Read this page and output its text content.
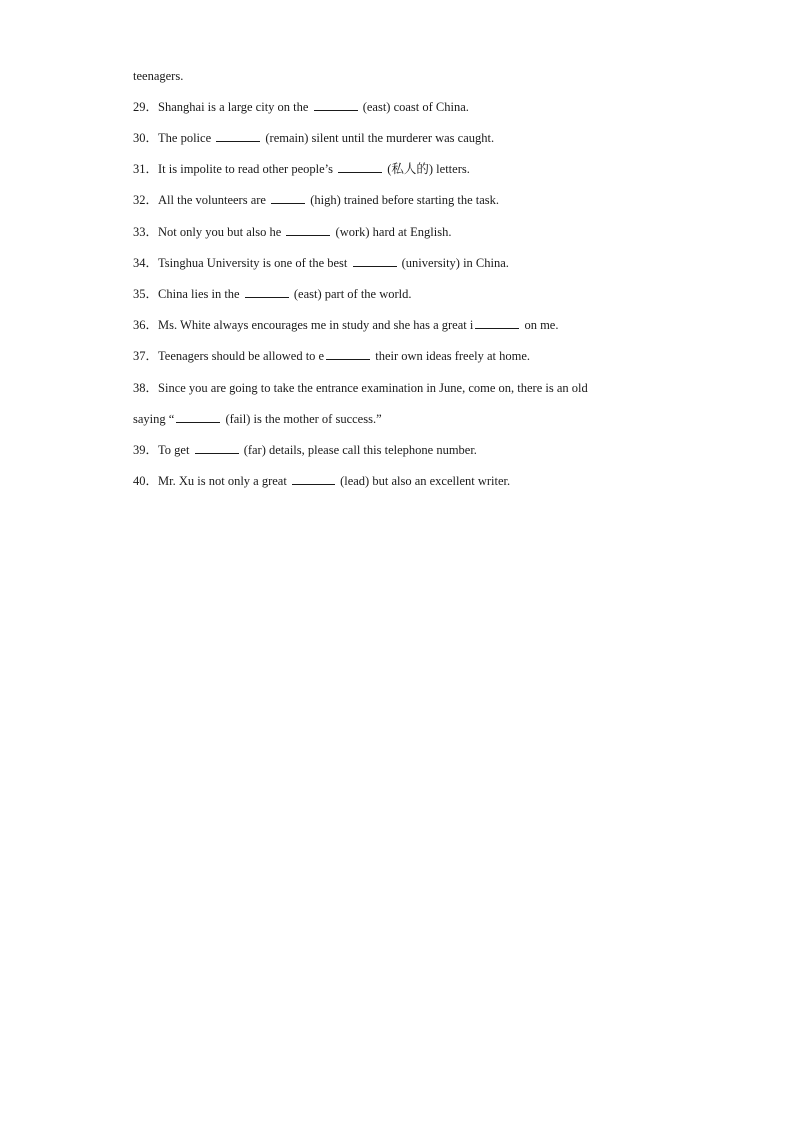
teenagers.
29．Shanghai is a large city on the	(east) coast of China.
30．The police	(remain) silent until the murderer was caught.
31．It is impolite to read other people’s	(私人的) letters.
32．All the volunteers are	(high) trained before starting the task.
33．Not only you but also he	(work) hard at English.
34．Tsinghua University is one of the best	(university) in China.
35．China lies in the	(east) part of the world.
36．Ms. White always encourages me in study and she has a great i	on me.
37．Teenagers should be allowed to e	their own ideas freely at home.
38．Since you are going to take the entrance examination in June, come on, there is an old
saying “	(fail) is the mother of success.”
39．To get	(far) details, please call this telephone number.
40．Mr. Xu is not only a great	(lead) but also an excellent writer.
